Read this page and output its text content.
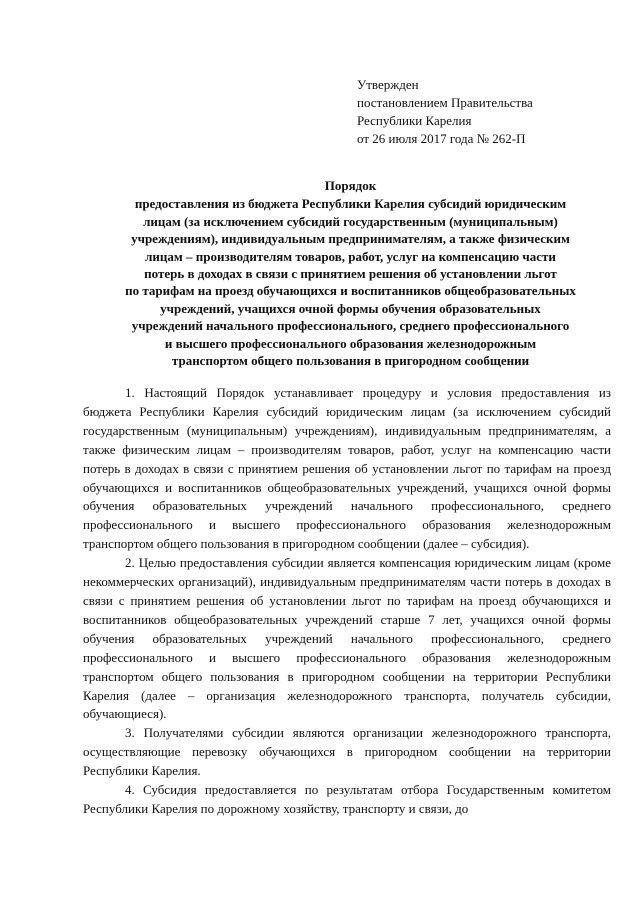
Утвержден
постановлением Правительства
Республики Карелия
от 26 июля 2017 года № 262-П
Порядок
предоставления из бюджета Республики Карелия субсидий юридическим
лицам (за исключением субсидий государственным (муниципальным)
учреждениям), индивидуальным предпринимателям, а также физическим
лицам – производителям товаров, работ, услуг на компенсацию части
потерь в доходах в связи с принятием решения об установлении льгот
по тарифам на проезд обучающихся и воспитанников общеобразовательных
учреждений, учащихся очной формы обучения образовательных
учреждений начального профессионального, среднего профессионального
и высшего профессионального образования железнодорожным
транспортом общего пользования в пригородном сообщении

1. Настоящий Порядок устанавливает процедуру и условия предоставления из бюджета Республики Карелия субсидий юридическим лицам (за исключением субсидий государственным (муниципальным) учреждениям), индивидуальным предпринимателям, а также физическим лицам – производителям товаров, работ, услуг на компенсацию части потерь в доходах в связи с принятием решения об установлении льгот по тарифам на проезд обучающихся и воспитанников общеобразовательных учреждений, учащихся очной формы обучения образовательных учреждений начального профессионального, среднего профессионального и высшего профессионального образования железнодорожным транспортом общего пользования в пригородном сообщении (далее – субсидия).

2. Целью предоставления субсидии является компенсация юридическим лицам (кроме некоммерческих организаций), индивидуальным предпринимателям части потерь в доходах в связи с принятием решения об установлении льгот по тарифам на проезд обучающихся и воспитанников общеобразовательных учреждений старше 7 лет, учащихся очной формы обучения образовательных учреждений начального профессионального, среднего профессионального и высшего профессионального образования железнодорожным транспортом общего пользования в пригородном сообщении на территории Республики Карелия (далее – организация железнодорожного транспорта, получатель субсидии, обучающиеся).

3. Получателями субсидии являются организации железнодорожного транспорта, осуществляющие перевозку обучающихся в пригородном сообщении на территории Республики Карелия.

4. Субсидия предоставляется по результатам отбора Государственным комитетом Республики Карелия по дорожному хозяйству, транспорту и связи, до
